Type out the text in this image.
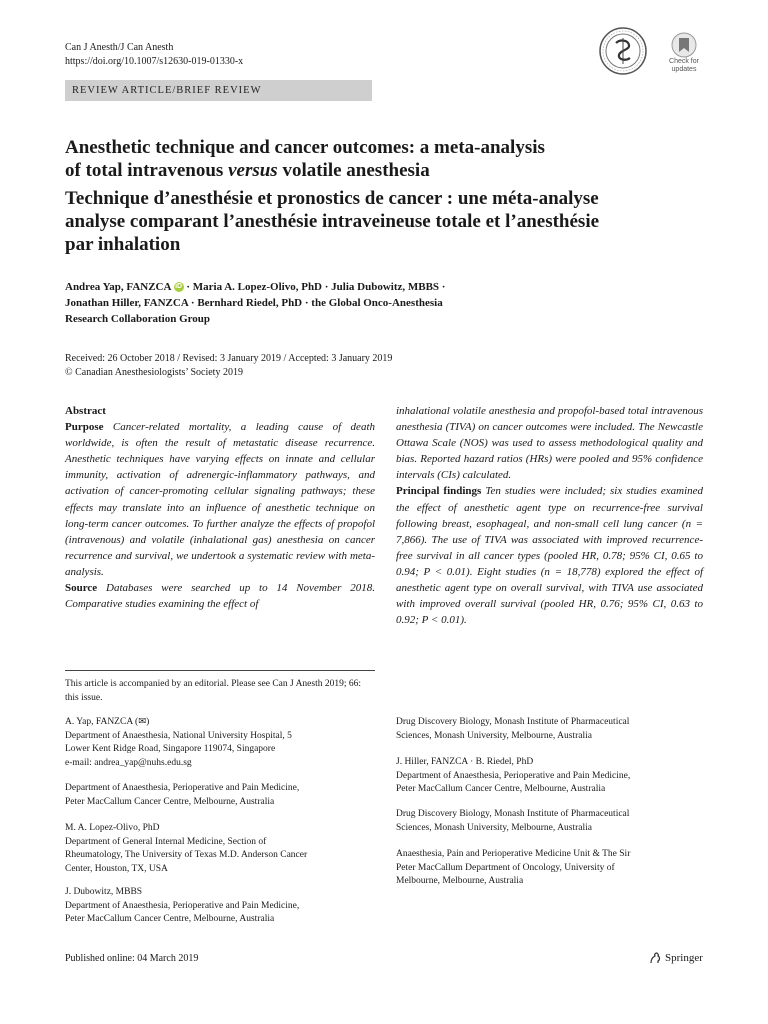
Can J Anesth/J Can Anesth
https://doi.org/10.1007/s12630-019-01330-x	Check for
updates
REVIEW ARTICLE/BRIEF REVIEW
Anesthetic technique and cancer outcomes: a meta-analysis
of total intravenous versus volatile anesthesia
Technique d’anesthésie et pronostics de cancer : une méta-analyse
analyse comparant l’anesthésie intraveineuse totale et l’anesthésie
par inhalation
Andrea Yap, FANZCA iD · Maria A. Lopez-Olivo, PhD · Julia Dubowitz, MBBS ·
Jonathan Hiller, FANZCA · Bernhard Riedel, PhD · the Global Onco-Anesthesia
Research Collaboration Group
Received: 26 October 2018 / Revised: 3 January 2019 / Accepted: 3 January 2019
© Canadian Anesthesiologists’ Society 2019

Abstract

Purpose Cancer-related mortality, a leading cause of death worldwide, is often the result of metastatic disease recurrence. Anesthetic techniques have varying effects on innate and cellular immunity, activation of adrenergic-inflammatory pathways, and activation of cancer-promoting cellular signaling pathways; these effects may translate into an influence of anesthetic technique on long-term cancer outcomes. To further analyze the effects of propofol (intravenous) and volatile (inhalational gas) anesthesia on cancer recurrence and survival, we undertook a systematic review with meta-analysis.

Source Databases were searched up to 14 November 2018. Comparative studies examining the effect of

inhalational volatile anesthesia and propofol-based total intravenous anesthesia (TIVA) on cancer outcomes were included. The Newcastle Ottawa Scale (NOS) was used to assess methodological quality and bias. Reported hazard ratios (HRs) were pooled and 95% confidence intervals (CIs) calculated.

Principal findings Ten studies were included; six studies examined the effect of anesthetic agent type on recurrence-free survival following breast, esophageal, and non-small cell lung cancer (n = 7,866). The use of TIVA was associated with improved recurrence-free survival in all cancer types (pooled HR, 0.78; 95% CI, 0.65 to 0.94; P < 0.01). Eight studies (n = 18,778) explored the effect of anesthetic agent type on overall survival, with TIVA use associated with improved overall survival (pooled HR, 0.76; 95% CI, 0.63 to 0.92; P < 0.01).

This article is accompanied by an editorial. Please see Can J Anesth 2019; 66: this issue.
A. Yap, FANZCA (✉)
Department of Anaesthesia, National University Hospital, 5
Lower Kent Ridge Road, Singapore 119074, Singapore
e-mail: andrea_yap@nuhs.edu.sg
Department of Anaesthesia, Perioperative and Pain Medicine,
Peter MacCallum Cancer Centre, Melbourne, Australia
M. A. Lopez-Olivo, PhD
Department of General Internal Medicine, Section of
Rheumatology, The University of Texas M.D. Anderson Cancer
Center, Houston, TX, USA
J. Dubowitz, MBBS
Department of Anaesthesia, Perioperative and Pain Medicine,
Peter MacCallum Cancer Centre, Melbourne, Australia
Drug Discovery Biology, Monash Institute of Pharmaceutical
Sciences, Monash University, Melbourne, Australia
J. Hiller, FANZCA · B. Riedel, PhD
Department of Anaesthesia, Perioperative and Pain Medicine,
Peter MacCallum Cancer Centre, Melbourne, Australia
Drug Discovery Biology, Monash Institute of Pharmaceutical
Sciences, Monash University, Melbourne, Australia
Anaesthesia, Pain and Perioperative Medicine Unit & The Sir
Peter MacCallum Department of Oncology, University of
Melbourne, Melbourne, Australia
Published online: 04 March 2019	Springer
